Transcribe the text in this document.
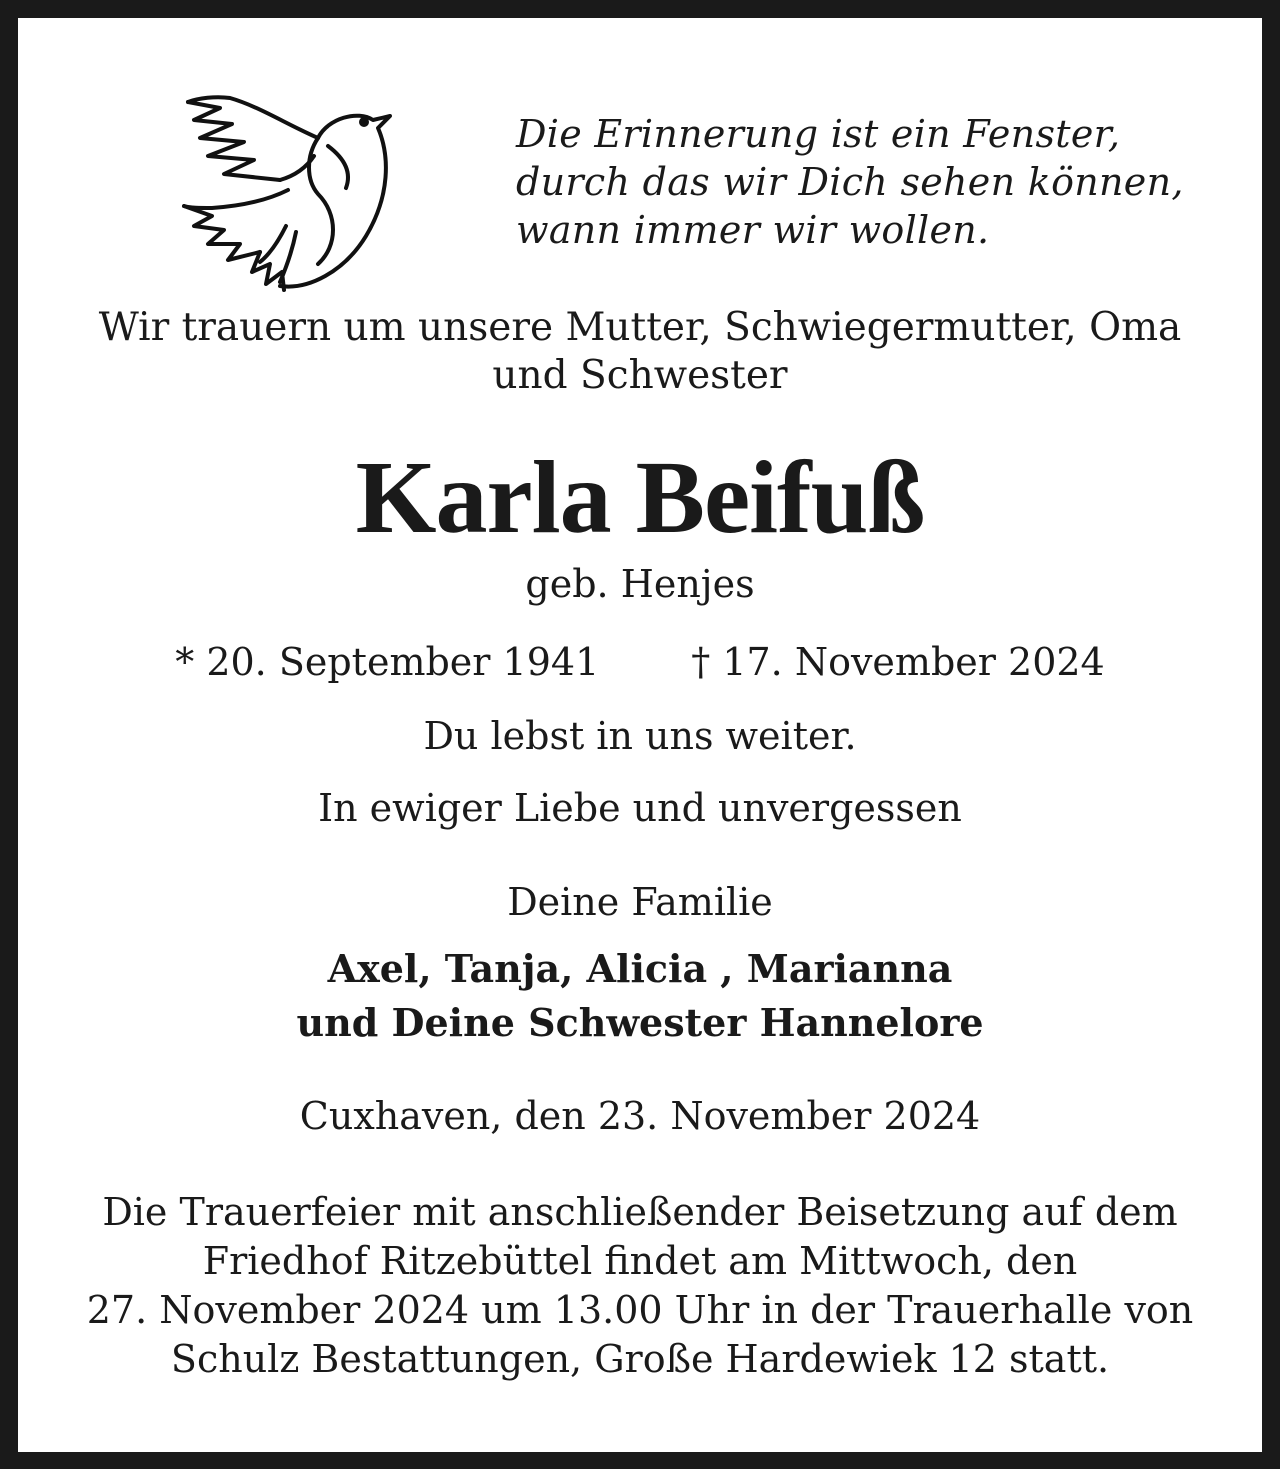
Die Erinnerung ist ein Fenster,
durch das wir Dich sehen können,
wann immer wir wollen.
Wir trauern um unsere Mutter, Schwiegermutter, Oma
und Schwester
Karla Beifuß
geb. Henjes
* 20. September 1941 † 17. November 2024
Du lebst in uns weiter.
In ewiger Liebe und unvergessen
Deine Familie
Axel, Tanja, Alicia , Marianna
und Deine Schwester Hannelore
Cuxhaven, den 23. November 2024
Die Trauerfeier mit anschließender Beisetzung auf dem
Friedhof Ritzebüttel findet am Mittwoch, den
27. November 2024 um 13.00 Uhr in der Trauerhalle von
Schulz Bestattungen, Große Hardewiek 12 statt.
